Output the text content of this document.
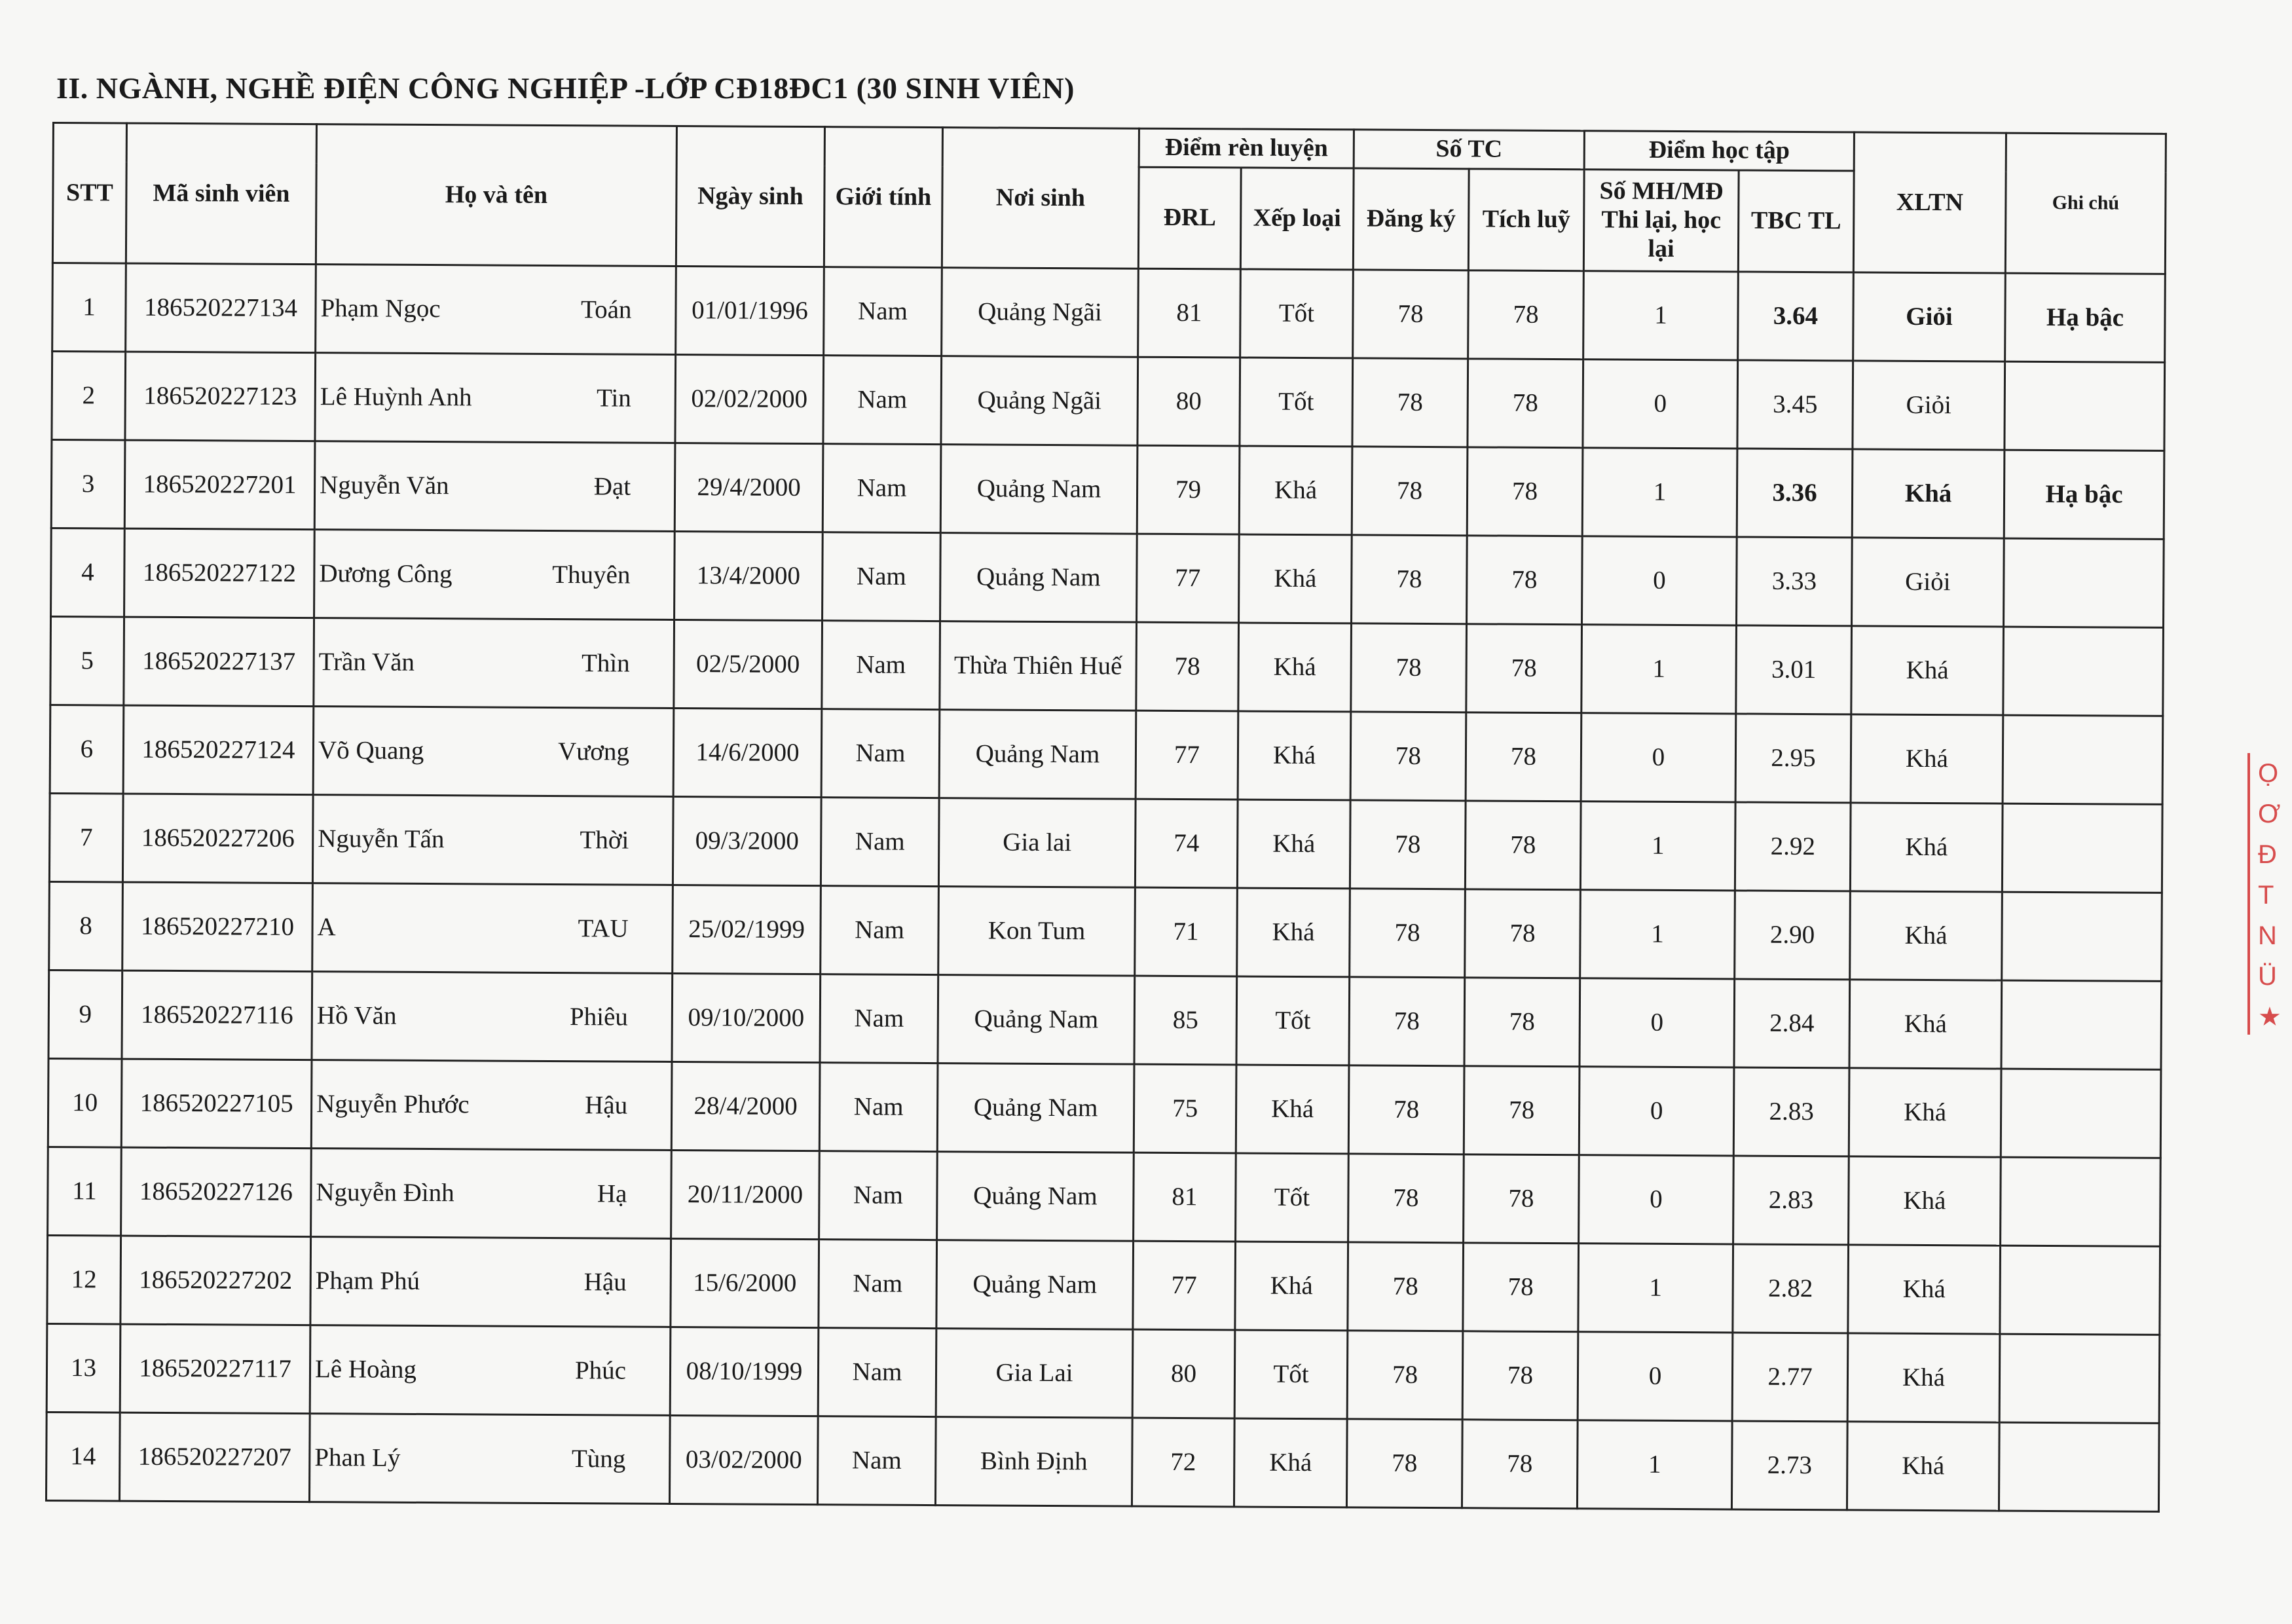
II. NGÀNH, NGHỀ ĐIỆN CÔNG NGHIỆP -LỚP CĐ18ĐC1 (30 SINH VIÊN)
STT	Mã sinh viên	Họ và tên	Ngày sinh	Giới tính	Nơi sinh	Điểm rèn luyện		Số TC		Điểm học tập		XLTN	Ghi chú
						ĐRL	Xếp loại	Đăng ký	Tích luỹ	Số MH/MĐ Thi lại, học lại	TBC TL		
1	186520227134	Phạm Ngọc Toán	01/01/1996	Nam	Quảng Ngãi	81	Tốt	78	78	1	3.64	Giỏi	Hạ bậc
2	186520227123	Lê Huỳnh Anh Tin	02/02/2000	Nam	Quảng Ngãi	80	Tốt	78	78	0	3.45	Giỏi	
3	186520227201	Nguyễn Văn Đạt	29/4/2000	Nam	Quảng Nam	79	Khá	78	78	1	3.36	Khá	Hạ bậc
4	186520227122	Dương Công Thuyên	13/4/2000	Nam	Quảng Nam	77	Khá	78	78	0	3.33	Giỏi	
5	186520227137	Trần Văn Thìn	02/5/2000	Nam	Thừa Thiên Huế	78	Khá	78	78	1	3.01	Khá	
6	186520227124	Võ Quang Vương	14/6/2000	Nam	Quảng Nam	77	Khá	78	78	0	2.95	Khá	
7	186520227206	Nguyễn Tấn Thời	09/3/2000	Nam	Gia lai	74	Khá	78	78	1	2.92	Khá	
8	186520227210	A TAU	25/02/1999	Nam	Kon Tum	71	Khá	78	78	1	2.90	Khá	
9	186520227116	Hồ Văn Phiêu	09/10/2000	Nam	Quảng Nam	85	Tốt	78	78	0	2.84	Khá	
10	186520227105	Nguyễn Phước Hậu	28/4/2000	Nam	Quảng Nam	75	Khá	78	78	0	2.83	Khá	
11	186520227126	Nguyễn Đình Hạ	20/11/2000	Nam	Quảng Nam	81	Tốt	78	78	0	2.83	Khá	
12	186520227202	Phạm Phú Hậu	15/6/2000	Nam	Quảng Nam	77	Khá	78	78	1	2.82	Khá	
13	186520227117	Lê Hoàng Phúc	08/10/1999	Nam	Gia Lai	80	Tốt	78	78	0	2.77	Khá	
14	186520227207	Phan Lý Tùng	03/02/2000	Nam	Bình Định	72	Khá	78	78	1	2.73	Khá	
Ọ
Ơ
Đ
T
N
Ü
★
